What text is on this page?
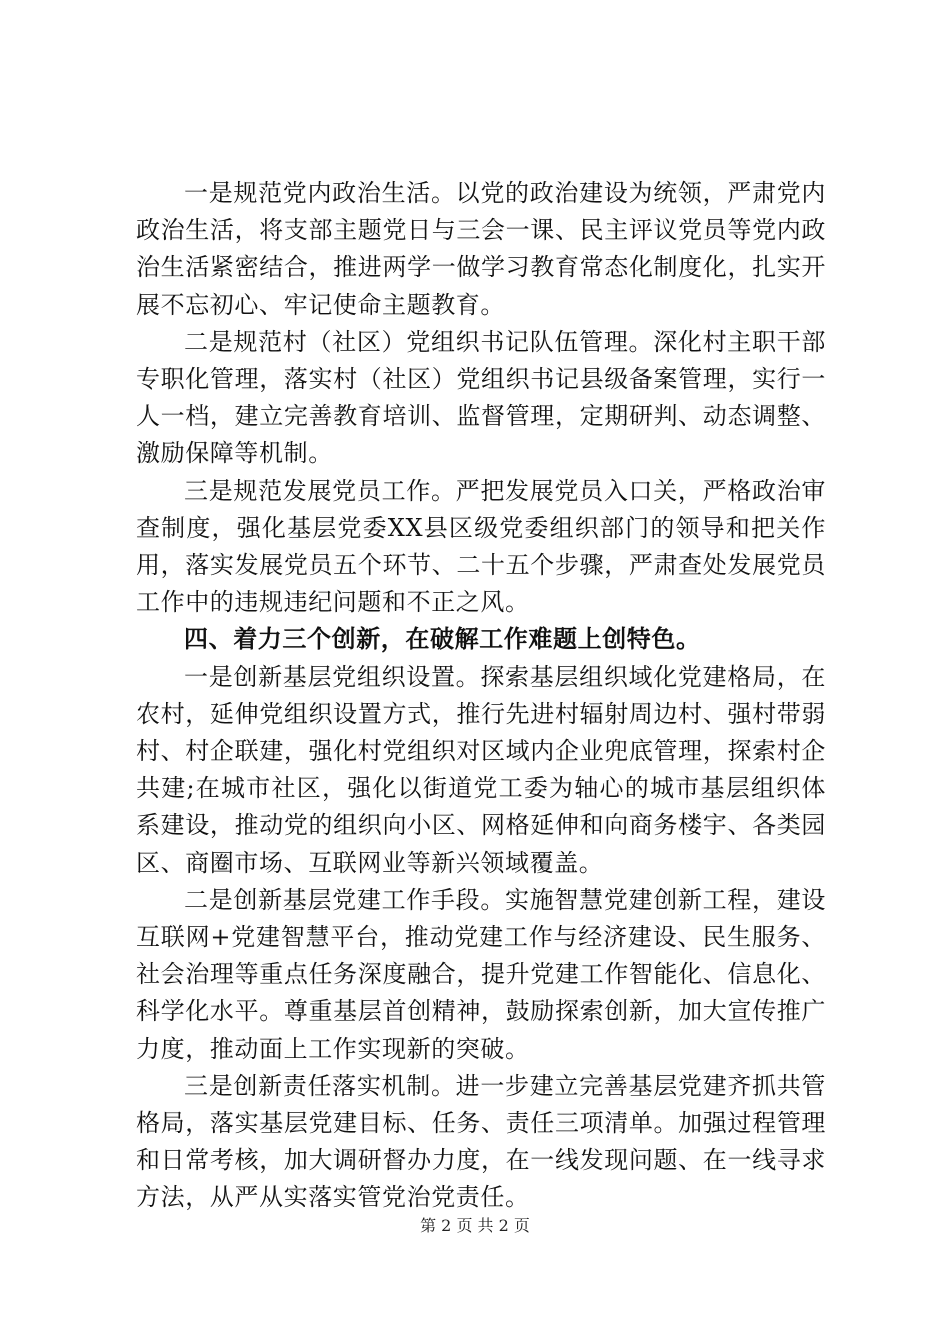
一是规范党内政治生活。以党的政治建设为统领，严肃党内政治生活，将支部主题党日与三会一课、民主评议党员等党内政治生活紧密结合，推进两学一做学习教育常态化制度化，扎实开展不忘初心、牢记使命主题教育。

二是规范村（社区）党组织书记队伍管理。深化村主职干部专职化管理，落实村（社区）党组织书记县级备案管理，实行一人一档，建立完善教育培训、监督管理，定期研判、动态调整、激励保障等机制。

三是规范发展党员工作。严把发展党员入口关，严格政治审查制度，强化基层党委XX县区级党委组织部门的领导和把关作用，落实发展党员五个环节、二十五个步骤，严肃查处发展党员工作中的违规违纪问题和不正之风。

四、着力三个创新，在破解工作难题上创特色。

一是创新基层党组织设置。探索基层组织域化党建格局，在农村，延伸党组织设置方式，推行先进村辐射周边村、强村带弱村、村企联建，强化村党组织对区域内企业兜底管理，探索村企共建;在城市社区，强化以街道党工委为轴心的城市基层组织体系建设，推动党的组织向小区、网格延伸和向商务楼宇、各类园区、商圈市场、互联网业等新兴领域覆盖。

二是创新基层党建工作手段。实施智慧党建创新工程，建设互联网+党建智慧平台，推动党建工作与经济建设、民生服务、社会治理等重点任务深度融合，提升党建工作智能化、信息化、科学化水平。尊重基层首创精神，鼓励探索创新，加大宣传推广力度，推动面上工作实现新的突破。

三是创新责任落实机制。进一步建立完善基层党建齐抓共管格局，落实基层党建目标、任务、责任三项清单。加强过程管理和日常考核，加大调研督办力度，在一线发现问题、在一线寻求方法，从严从实落实管党治党责任。

第 2 页 共 2 页
